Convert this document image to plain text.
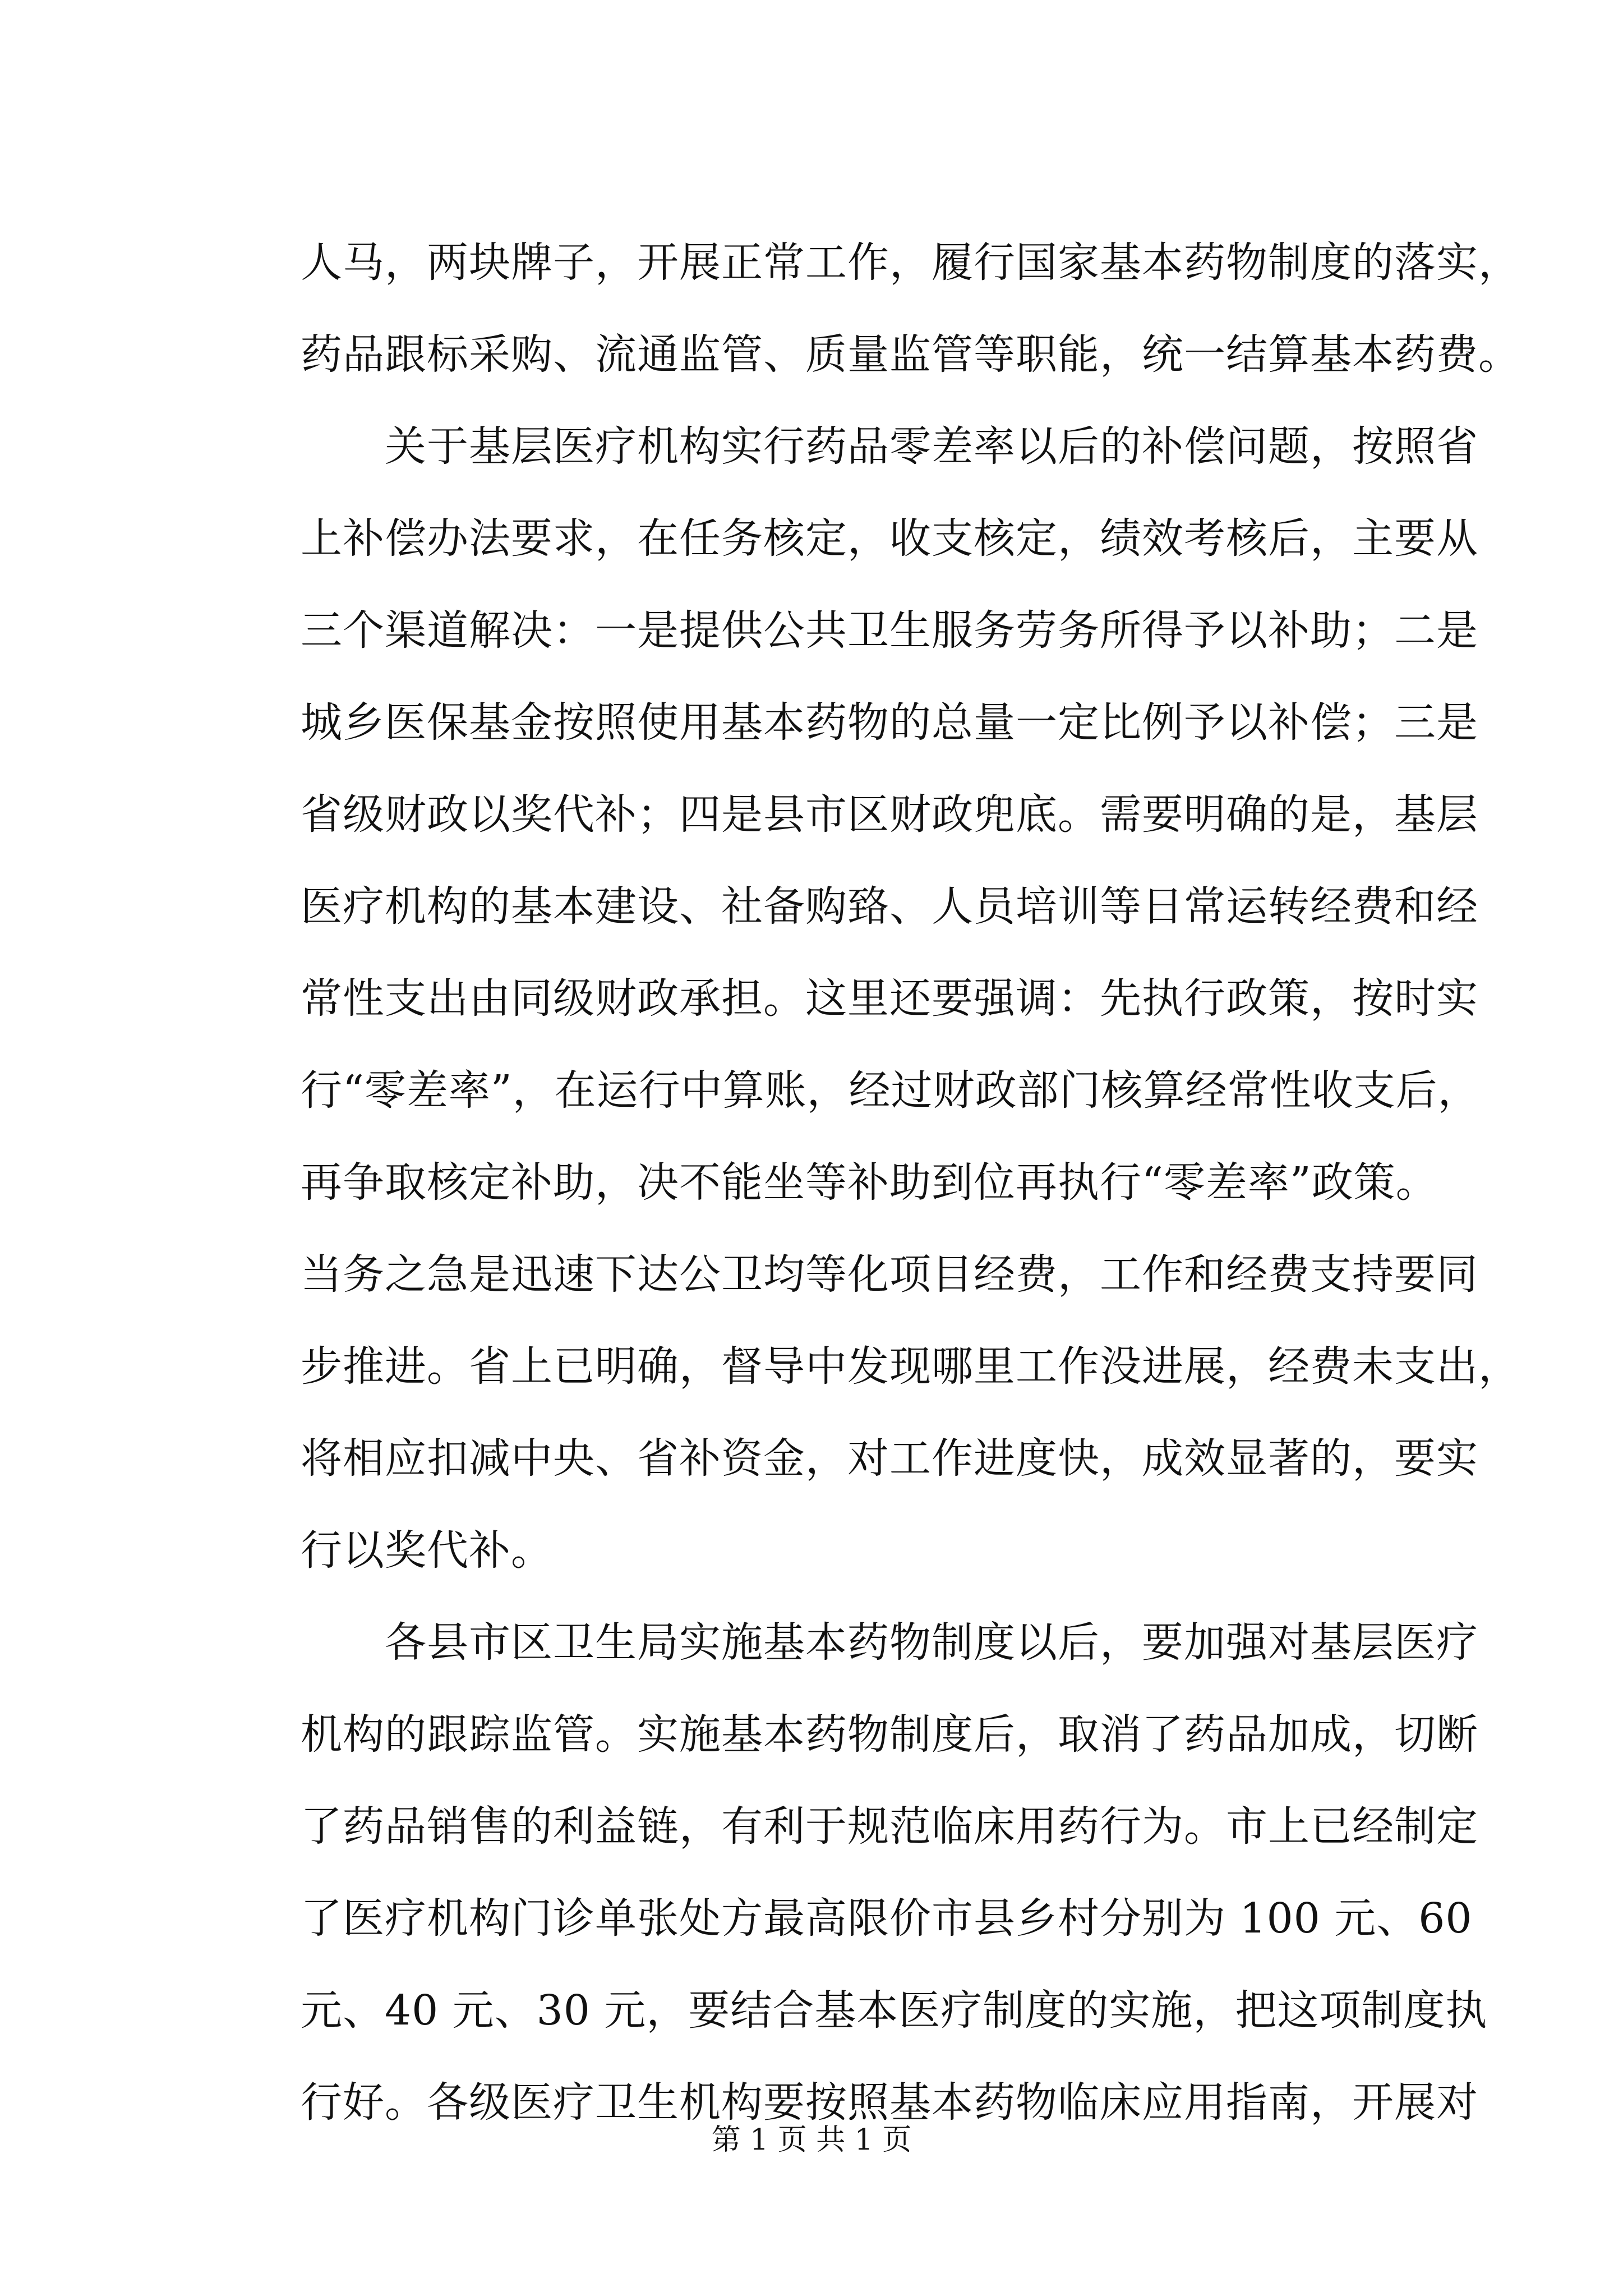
人马，两块牌子，开展正常工作，履行国家基本药物制度的落实，
药品跟标采购、流通监管、质量监管等职能，统一结算基本药费。
　　关于基层医疗机构实行药品零差率以后的补偿问题，按照省
上补偿办法要求，在任务核定，收支核定，绩效考核后，主要从
三个渠道解决：一是提供公共卫生服务劳务所得予以补助；二是
城乡医保基金按照使用基本药物的总量一定比例予以补偿；三是
省级财政以奖代补；四是县市区财政兜底。需要明确的是，基层
医疗机构的基本建设、社备购臵、人员培训等日常运转经费和经
常性支出由同级财政承担。这里还要强调：先执行政策，按时实
行“零差率”，在运行中算账，经过财政部门核算经常性收支后，
再争取核定补助，决不能坐等补助到位再执行“零差率”政策。
当务之急是迅速下达公卫均等化项目经费，工作和经费支持要同
步推进。省上已明确，督导中发现哪里工作没进展，经费未支出，
将相应扣减中央、省补资金，对工作进度快，成效显著的，要实
行以奖代补。
　　各县市区卫生局实施基本药物制度以后，要加强对基层医疗
机构的跟踪监管。实施基本药物制度后，取消了药品加成，切断
了药品销售的利益链，有利于规范临床用药行为。市上已经制定
了医疗机构门诊单张处方最高限价市县乡村分别为 100 元、60
元、40 元、30 元，要结合基本医疗制度的实施，把这项制度执
行好。各级医疗卫生机构要按照基本药物临床应用指南，开展对
第 1 页 共 1 页
